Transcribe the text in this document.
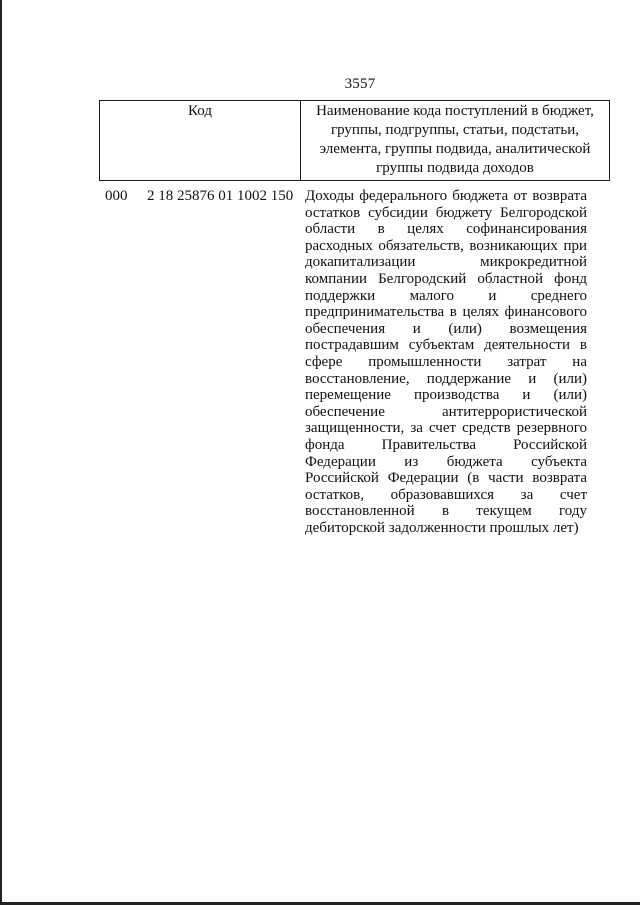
3557
Код	Наименование кода поступлений в бюджет, группы, подгруппы, статьи, подстатьи, элемента, группы подвида, аналитической группы подвида доходов
000 2 18 25876 01 1002 150 Доходы федерального бюджета от возврата остатков субсидии бюджету Белгородской области в целях софинансирования расходных обязательств, возникающих при докапитализации микрокредитной компании Белгородский областной фонд поддержки малого и среднего предпринимательства в целях финансового обеспечения и (или) возмещения пострадавшим субъектам деятельности в сфере промышленности затрат на восстановление, поддержание и (или) перемещение производства и (или) обеспечение антитеррористической защищенности, за счет средств резервного фонда Правительства Российской Федерации из бюджета субъекта Российской Федерации (в части возврата остатков, образовавшихся за счет восстановленной в текущем году дебиторской задолженности прошлых лет)
